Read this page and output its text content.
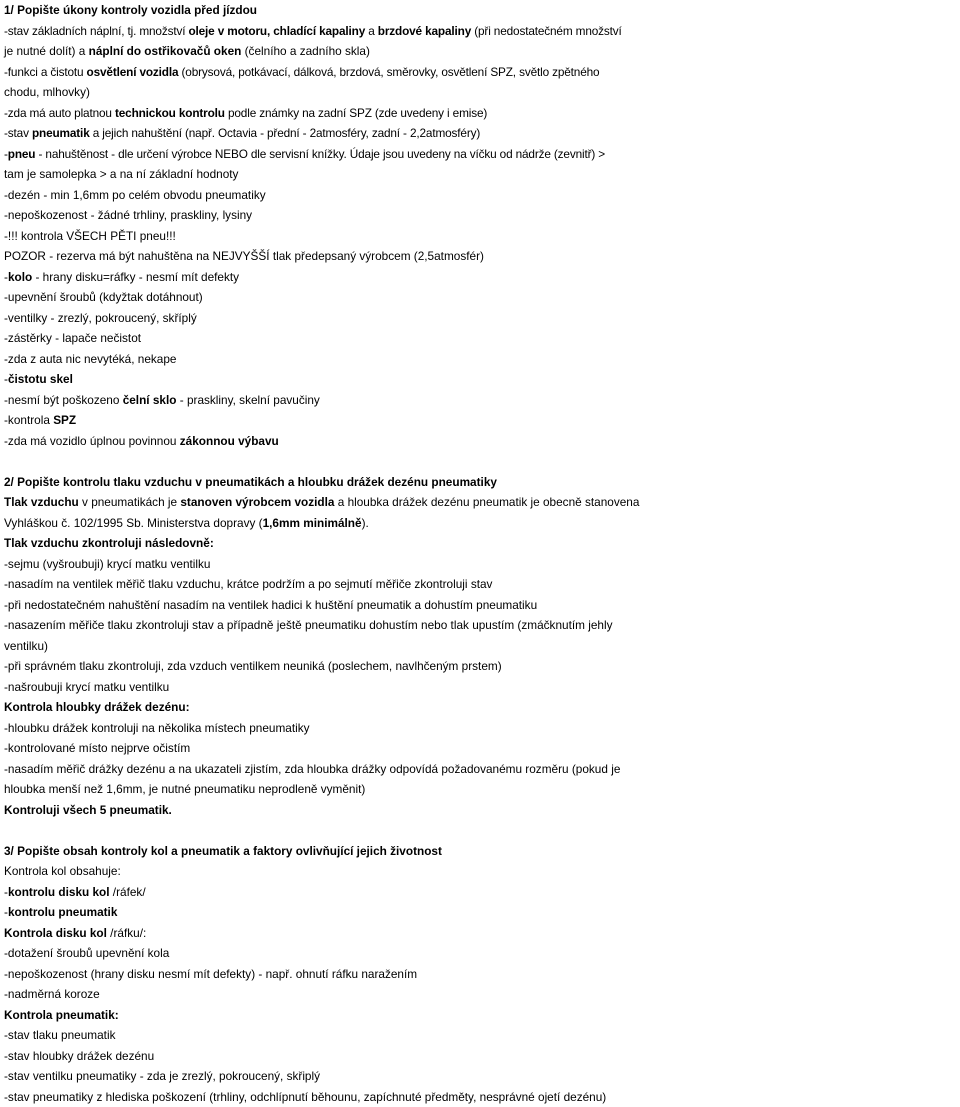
1/ Popište úkony kontroly vozidla před jízdou
-stav základních náplní, tj. množství oleje v motoru, chladící kapaliny a brzdové kapaliny (při nedostatečném množství
je nutné dolít) a náplní do ostřikovačů oken (čelního a zadního skla)
-funkci a čistotu osvětlení vozidla (obrysová, potkávací, dálková, brzdová, směrovky, osvětlení SPZ, světlo zpětného
chodu, mlhovky)
-zda má auto platnou technickou kontrolu podle známky na zadní SPZ (zde uvedeny i emise)
-stav pneumatik a jejich nahuštění (např. Octavia - přední - 2atmosféry, zadní - 2,2atmosféry)
-pneu - nahuštěnost - dle určení výrobce NEBO dle servisní knížky. Údaje jsou uvedeny na víčku od nádrže (zevnitř) >
tam je samolepka > a na ní základní hodnoty
-dezén - min 1,6mm po celém obvodu pneumatiky
-nepoškozenost - žádné trhliny, praskliny, lysiny
-!!! kontrola VŠECH PĚTI pneu!!!
POZOR - rezerva má být nahuštěna na NEJVYŠŠÍ tlak předepsaný výrobcem (2,5atmosfér)
-kolo - hrany disku=ráfky - nesmí mít defekty
-upevnění šroubů (kdyžtak dotáhnout)
-ventilky - zrezlý, pokroucený, skříplý
-zástěrky - lapače nečistot
-zda z auta nic nevytéká, nekape
-čistotu skel
-nesmí být poškozeno čelní sklo - praskliny, skelní pavučiny
-kontrola SPZ
-zda má vozidlo úplnou povinnou zákonnou výbavu
2/ Popište kontrolu tlaku vzduchu v pneumatikách a hloubku drážek dezénu pneumatiky
Tlak vzduchu v pneumatikách je stanoven výrobcem vozidla a hloubka drážek dezénu pneumatik je obecně stanovena
Vyhláškou č. 102/1995 Sb. Ministerstva dopravy (1,6mm minimálně).
Tlak vzduchu zkontroluji následovně:
-sejmu (vyšroubuji) krycí matku ventilku
-nasadím na ventilek měřič tlaku vzduchu, krátce podržím a po sejmutí měřiče zkontroluji stav
-při nedostatečném nahuštění nasadím na ventilek hadici k huštění pneumatik a dohustím pneumatiku
-nasazením měřiče tlaku zkontroluji stav a případně ještě pneumatiku dohustím nebo tlak upustím (zmáčknutím jehly
ventilku)
-při správném tlaku zkontroluji, zda vzduch ventilkem neuniká (poslechem, navlhčeným prstem)
-našroubuji krycí matku ventilku
Kontrola hloubky drážek dezénu:
-hloubku drážek kontroluji na několika místech pneumatiky
-kontrolované místo nejprve očistím
-nasadím měřič drážky dezénu a na ukazateli zjistím, zda hloubka drážky odpovídá požadovanému rozměru (pokud je
hloubka menší než 1,6mm, je nutné pneumatiku neprodleně vyměnit)
Kontroluji všech 5 pneumatik.
3/ Popište obsah kontroly kol a pneumatik a faktory ovlivňující jejich životnost
Kontrola kol obsahuje:
-kontrolu disku kol /ráfek/
-kontrolu pneumatik
Kontrola disku kol /ráfku/:
-dotažení šroubů upevnění kola
-nepoškozenost (hrany disku nesmí mít defekty) - např. ohnutí ráfku naražením
-nadměrná koroze
Kontrola pneumatik:
-stav tlaku pneumatik
-stav hloubky drážek dezénu
-stav ventilku pneumatiky - zda je zrezlý, pokroucený, skřiplý
-stav pneumatiky z hlediska poškození (trhliny, odchlípnutí běhounu, zapíchnuté předměty, nesprávné ojetí dezénu)
